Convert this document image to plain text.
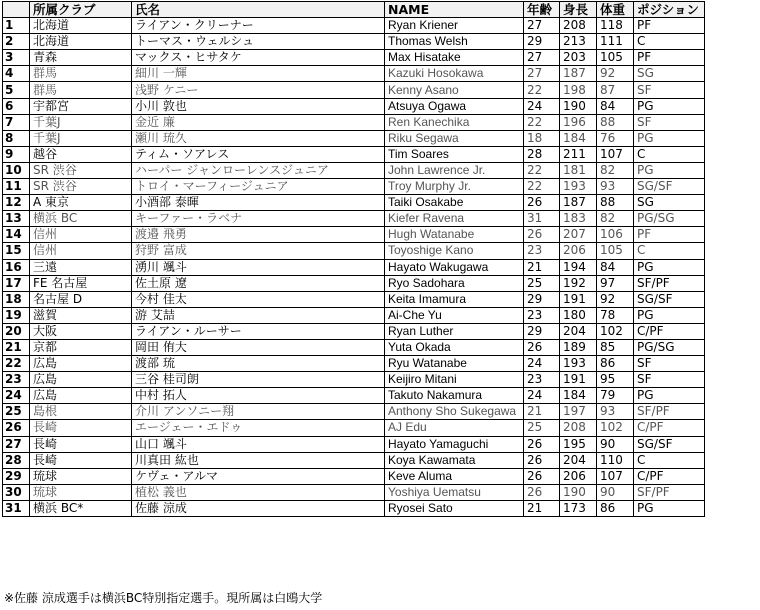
	所属クラブ	氏名	NAME	年齢	身長	体重	ポジション
1	北海道	ライアン・クリーナー	Ryan Kriener	27	208	118	PF
2	北海道	トーマス・ウェルシュ	Thomas Welsh	29	213	111	C
3	青森	マックス・ヒサタケ	Max Hisatake	27	203	105	PF
4	群馬	細川 一輝	Kazuki Hosokawa	27	187	92	SG
5	群馬	浅野 ケニー	Kenny Asano	22	198	87	SF
6	宇都宮	小川 敦也	Atsuya Ogawa	24	190	84	PG
7	千葉J	金近 廉	Ren Kanechika	22	196	88	SF
8	千葉J	瀬川 琉久	Riku Segawa	18	184	76	PG
9	越谷	ティム・ソアレス	Tim Soares	28	211	107	C
10	SR 渋谷	ハーパー ジャンローレンスジュニア	John Lawrence Jr.	22	181	82	PG
11	SR 渋谷	トロイ・マーフィージュニア	Troy Murphy Jr.	22	193	93	SG/SF
12	A 東京	小酒部 泰暉	Taiki Osakabe	26	187	88	SG
13	横浜 BC	キーファー・ラベナ	Kiefer Ravena	31	183	82	PG/SG
14	信州	渡邉 飛勇	Hugh Watanabe	26	207	106	PF
15	信州	狩野 富成	Toyoshige Kano	23	206	105	C
16	三遠	湧川 颯斗	Hayato Wakugawa	21	194	84	PG
17	FE 名古屋	佐土原 遼	Ryo Sadohara	25	192	97	SF/PF
18	名古屋 D	今村 佳太	Keita Imamura	29	191	92	SG/SF
19	滋賀	游 艾喆	Ai-Che Yu	23	180	78	PG
20	大阪	ライアン・ルーサー	Ryan Luther	29	204	102	C/PF
21	京都	岡田 侑大	Yuta Okada	26	189	85	PG/SG
22	広島	渡部 琉	Ryu Watanabe	24	193	86	SF
23	広島	三谷 桂司朗	Keijiro Mitani	23	191	95	SF
24	広島	中村 拓人	Takuto Nakamura	24	184	79	PG
25	島根	介川 アンソニー翔	Anthony Sho Sukegawa	21	197	93	SF/PF
26	長崎	エージェー・エドゥ	AJ Edu	25	208	102	C/PF
27	長崎	山口 颯斗	Hayato Yamaguchi	26	195	90	SG/SF
28	長崎	川真田 紘也	Koya Kawamata	26	204	110	C
29	琉球	ケヴェ・アルマ	Keve Aluma	26	206	107	C/PF
30	琉球	植松 義也	Yoshiya Uematsu	26	190	90	SF/PF
31	横浜 BC*	佐藤 涼成	Ryosei Sato	21	173	86	PG
※佐藤 涼成選手は横浜BC特別指定選手。現所属は白鴎大学
